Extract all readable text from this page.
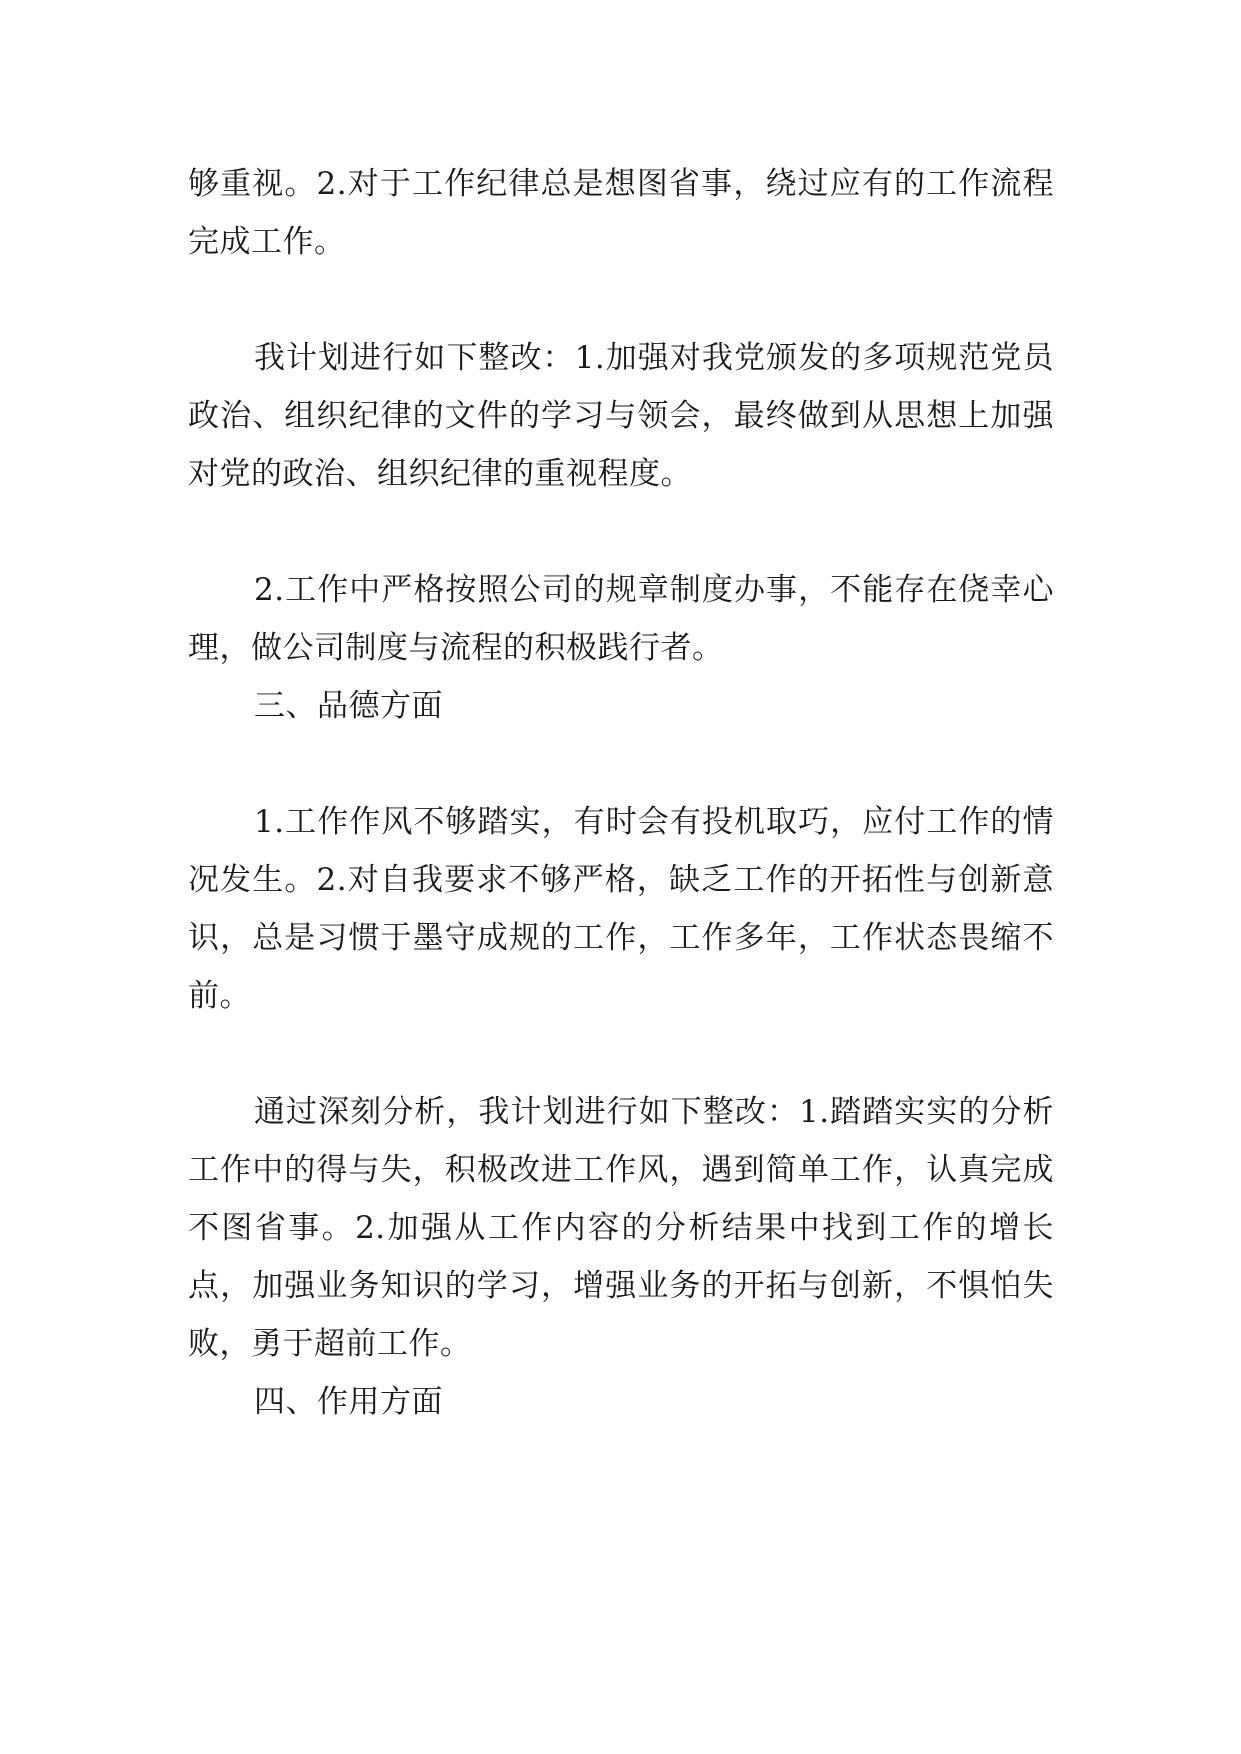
够重视。2.对于工作纪律总是想图省事，绕过应有的工作流程完成工作。

我计划进行如下整改：1.加强对我党颁发的多项规范党员政治、组织纪律的文件的学习与领会，最终做到从思想上加强对党的政治、组织纪律的重视程度。

2.工作中严格按照公司的规章制度办事，不能存在侥幸心理，做公司制度与流程的积极践行者。

三、品德方面

1.工作作风不够踏实，有时会有投机取巧，应付工作的情况发生。2.对自我要求不够严格，缺乏工作的开拓性与创新意识，总是习惯于墨守成规的工作，工作多年，工作状态畏缩不前。

通过深刻分析，我计划进行如下整改：1.踏踏实实的分析工作中的得与失，积极改进工作风，遇到简单工作，认真完成不图省事。2.加强从工作内容的分析结果中找到工作的增长点，加强业务知识的学习，增强业务的开拓与创新，不惧怕失败，勇于超前工作。

四、作用方面
